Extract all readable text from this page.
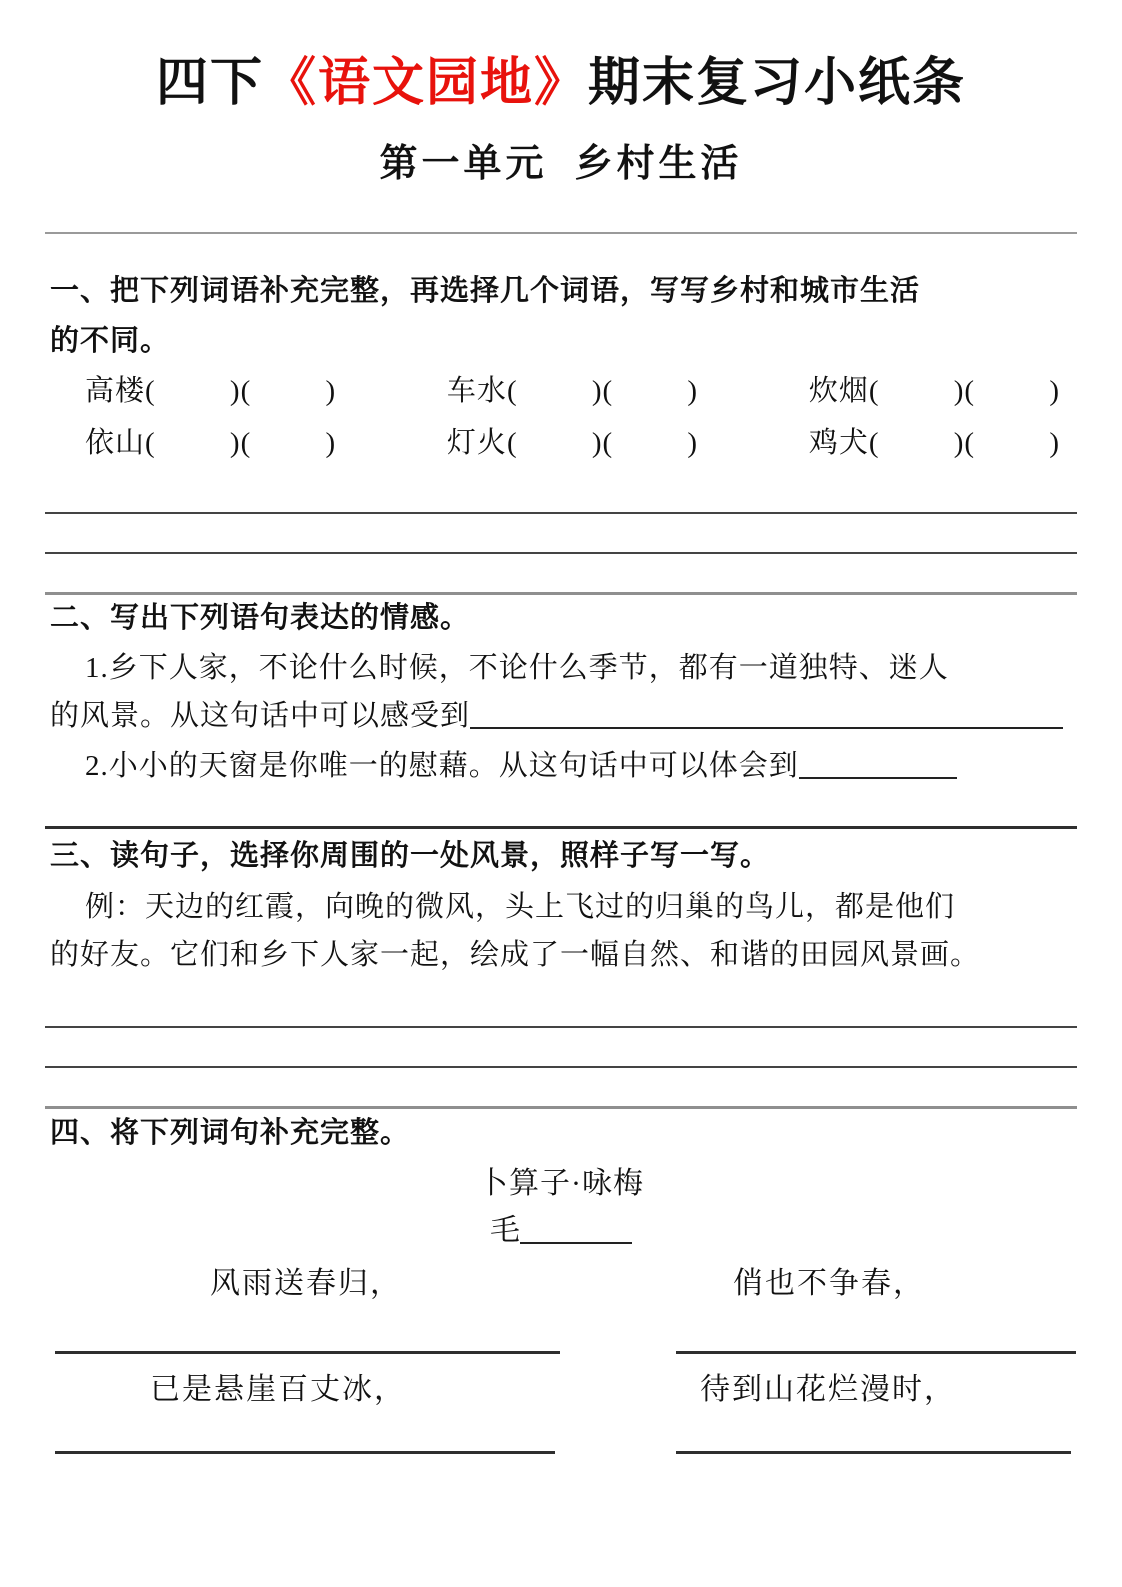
四下《语文园地》期末复习小纸条
第一单元  乡村生活
一、把下列词语补充完整，再选择几个词语，写写乡村和城市生活
的不同。
高楼(         )(         )	车水(         )(         )	炊烟(         )(         )
依山(         )(         )	灯火(         )(         )	鸡犬(         )(         )
二、写出下列语句表达的情感。
1.乡下人家，不论什么时候，不论什么季节，都有一道独特、迷人
的风景。从这句话中可以感受到
2.小小的天窗是你唯一的慰藉。从这句话中可以体会到
三、读句子，选择你周围的一处风景，照样子写一写。
例：天边的红霞，向晚的微风，头上飞过的归巢的鸟儿，都是他们
的好友。它们和乡下人家一起，绘成了一幅自然、和谐的田园风景画。
四、将下列词句补充完整。
卜算子·咏梅
毛
风雨送春归，	俏也不争春，
已是悬崖百丈冰，	待到山花烂漫时，
